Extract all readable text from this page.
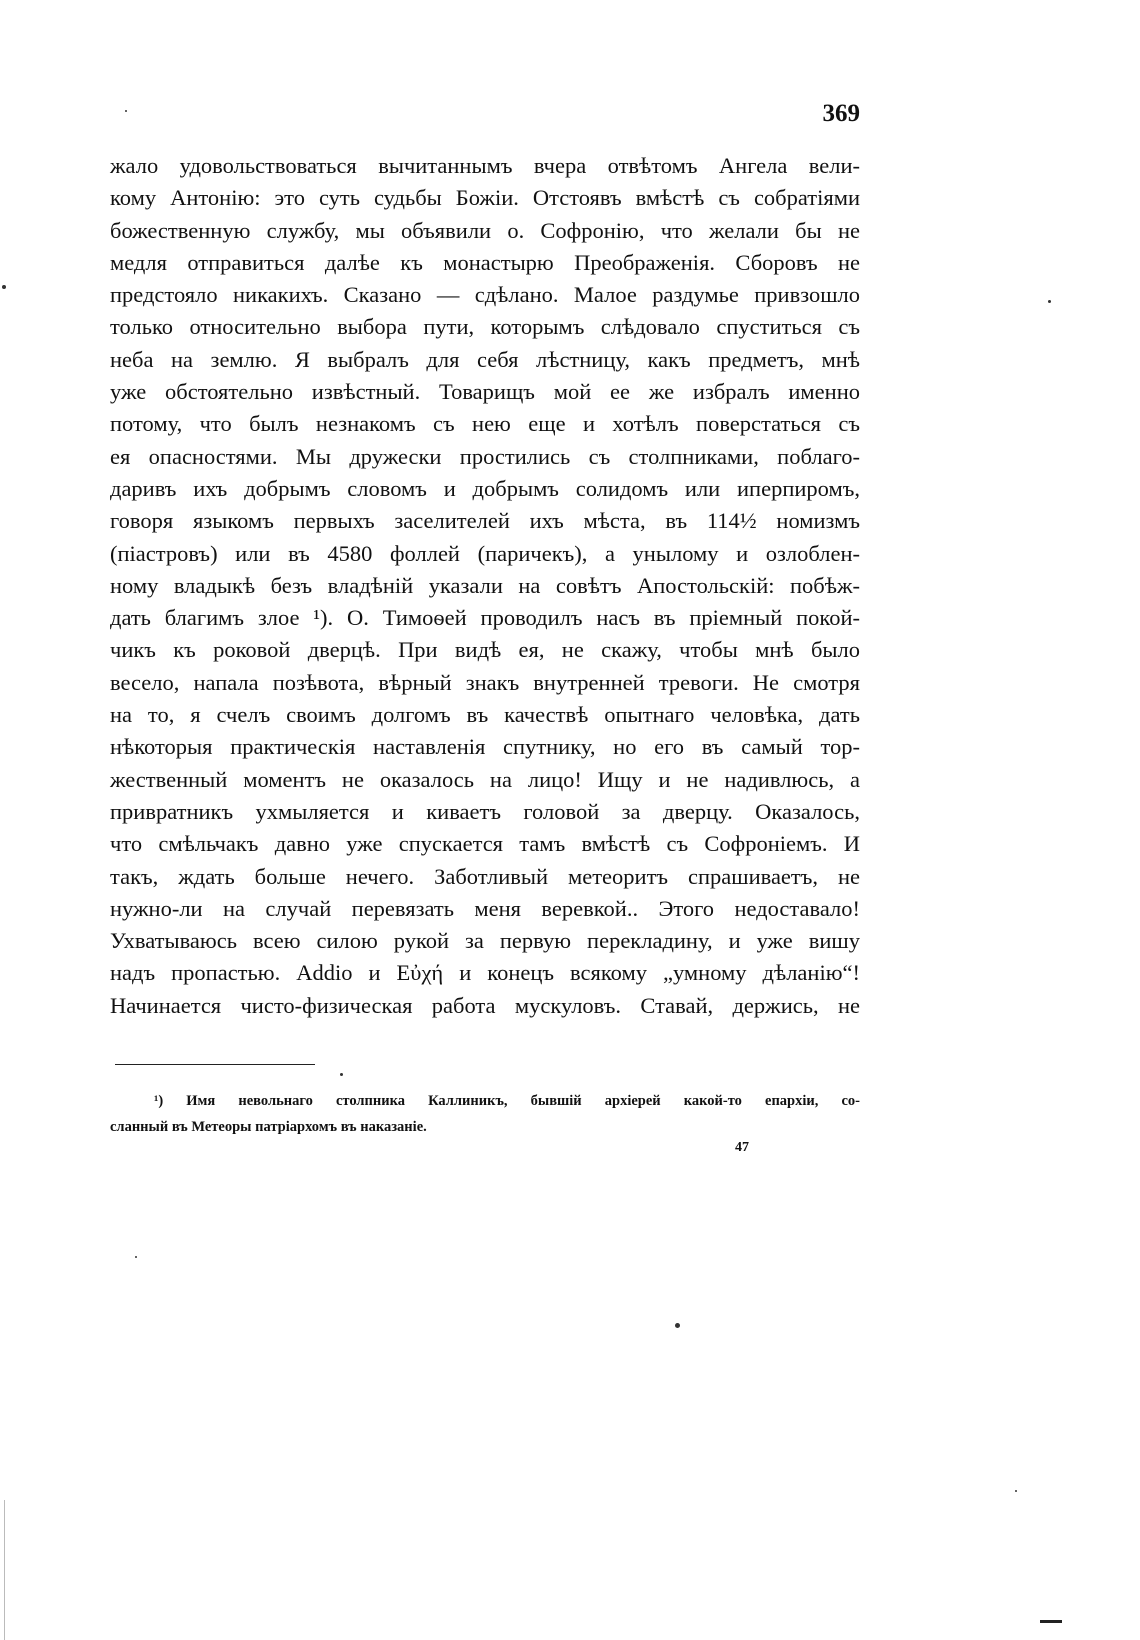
369
жало удовольствоваться вычитаннымъ вчера отвѣтомъ Ангела вели-
кому Антонію: это суть судьбы Божіи. Отстоявъ вмѣстѣ съ собратіями
божественную службу, мы объявили о. Софронію, что желали бы не
медля отправиться далѣе къ монастырю Преображенія. Сборовъ не
предстояло никакихъ. Сказано — сдѣлано. Малое раздумье привзошло
только относительно выбора пути, которымъ слѣдовало спуститься съ
неба на землю. Я выбралъ для себя лѣстницу, какъ предметъ, мнѣ
уже обстоятельно извѣстный. Товарищъ мой ее же избралъ именно
потому, что былъ незнакомъ съ нею еще и хотѣлъ поверстаться съ
ея опасностями. Мы дружески простились съ столпниками, поблаго-
даривъ ихъ добрымъ словомъ и добрымъ солидомъ или иперпиромъ,
говоря языкомъ первыхъ заселителей ихъ мѣста, въ 114½ номизмъ
(піастровъ) или въ 4580 фоллей (паричекъ), а унылому и озлоблен-
ному владыкѣ безъ владѣній указали на совѣтъ Апостольскій: побѣж-
дать благимъ злое ¹). О. Тимоѳей проводилъ насъ въ пріемный покой-
чикъ къ роковой дверцѣ. При видѣ ея, не скажу, чтобы мнѣ было
весело, напала позѣвота, вѣрный знакъ внутренней тревоги. Не смотря
на то, я счелъ своимъ долгомъ въ качествѣ опытнаго человѣка, дать
нѣкоторыя практическія наставленія спутнику, но его въ самый тор-
жественный моментъ не оказалось на лицо! Ищу и не надивлюсь, а
привратникъ ухмыляется и киваетъ головой за дверцу. Оказалось,
что смѣльчакъ давно уже спускается тамъ вмѣстѣ съ Софроніемъ. И
такъ, ждать больше нечего. Заботливый метеоритъ спрашиваетъ, не
нужно-ли на случай перевязать меня веревкой.. Этого недоставало!
Ухватываюсь всею силою рукой за первую перекладину, и уже вишу
надъ пропастью. Addio и Εὐχή и конецъ всякому „умному дѣланію“!
Начинается чисто-физическая работа мускуловъ. Ставай, держись, не
¹) Имя невольнаго столпника Каллиникъ, бывшій архіерей какой-то епархіи, со-
сланный въ Метеоры патріархомъ въ наказаніе.
47
